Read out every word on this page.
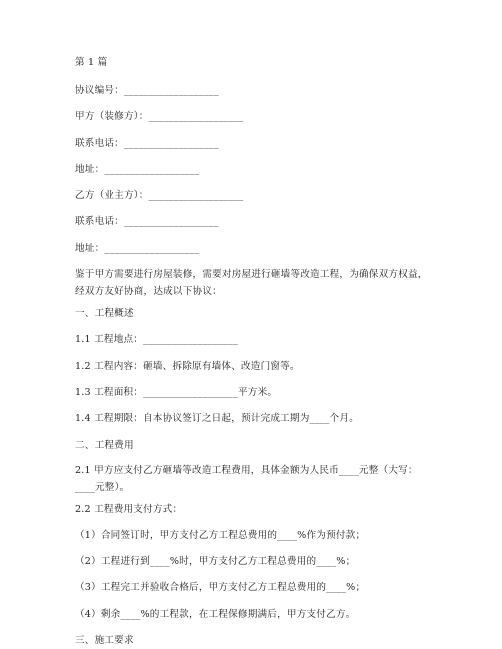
第 1 篇
协议编号：___________________
甲方（装修方）：___________________
联系电话：___________________
地址：___________________
乙方（业主方）：___________________
联系电话：___________________
地址：___________________
鉴于甲方需要进行房屋装修，需要对房屋进行砸墙等改造工程，为确保双方权益，经双方友好协商，达成以下协议：
一、工程概述
1.1 工程地点：___________________
1.2 工程内容：砸墙、拆除原有墙体、改造门窗等。
1.3 工程面积：___________________平方米。
1.4 工程期限：自本协议签订之日起，预计完成工期为____个月。
二、工程费用
2.1 甲方应支付乙方砸墙等改造工程费用，具体金额为人民币____元整（大写：____元整）。
2.2 工程费用支付方式：
（1）合同签订时，甲方支付乙方工程总费用的____%作为预付款；
（2）工程进行到____%时，甲方支付乙方工程总费用的____%；
（3）工程完工并验收合格后，甲方支付乙方工程总费用的____%；
（4）剩余____%的工程款，在工程保修期满后，甲方支付乙方。
三、施工要求
